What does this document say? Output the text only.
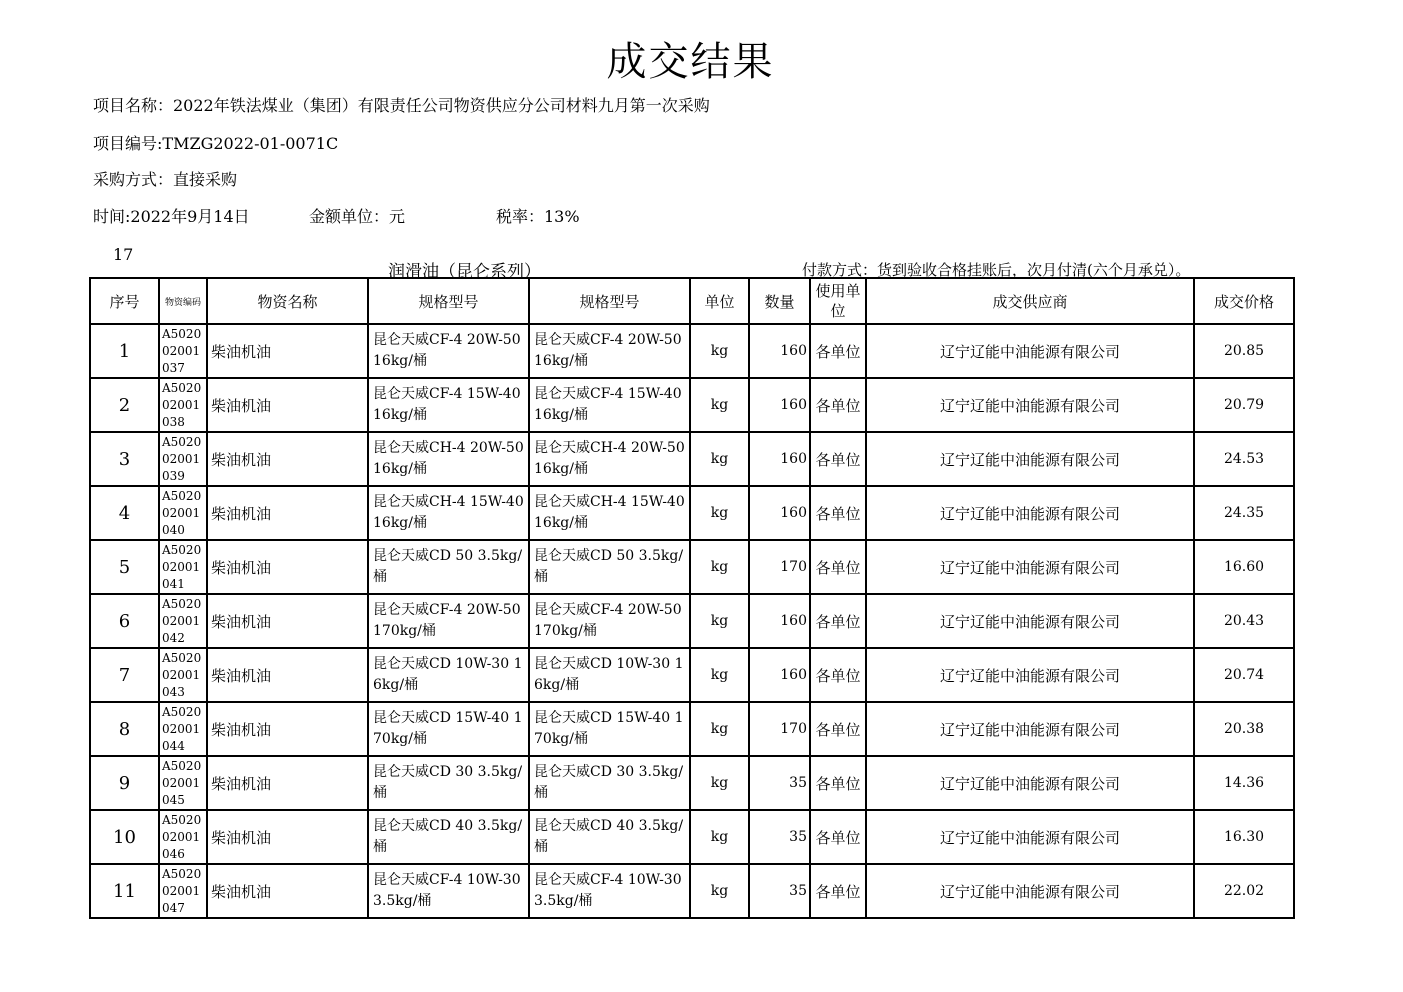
成交结果
项目名称：2022年铁法煤业（集团）有限责任公司物资供应分公司材料九月第一次采购
项目编号:TMZG2022-01-0071C
采购方式：直接采购
时间:2022年9月14日	金额单位：元	税率：13%
17
润滑油（昆仑系列）	付款方式：货到验收合格挂账后，次月付清(六个月承兑）。
序号	物资编码	物资名称	规格型号	规格型号	单位	数量	使用单位	成交供应商	成交价格
1	A502002001037	柴油机油	昆仑天威CF-4 20W-50 16kg/桶	昆仑天威CF-4 20W-50 16kg/桶	kg	160	各单位	辽宁辽能中油能源有限公司	20.85
2	A502002001038	柴油机油	昆仑天威CF-4 15W-40 16kg/桶	昆仑天威CF-4 15W-40 16kg/桶	kg	160	各单位	辽宁辽能中油能源有限公司	20.79
3	A502002001039	柴油机油	昆仑天威CH-4 20W-50 16kg/桶	昆仑天威CH-4 20W-50 16kg/桶	kg	160	各单位	辽宁辽能中油能源有限公司	24.53
4	A502002001040	柴油机油	昆仑天威CH-4 15W-40 16kg/桶	昆仑天威CH-4 15W-40 16kg/桶	kg	160	各单位	辽宁辽能中油能源有限公司	24.35
5	A502002001041	柴油机油	昆仑天威CD 50 3.5kg/桶	昆仑天威CD 50 3.5kg/桶	kg	170	各单位	辽宁辽能中油能源有限公司	16.60
6	A502002001042	柴油机油	昆仑天威CF-4 20W-50 170kg/桶	昆仑天威CF-4 20W-50 170kg/桶	kg	160	各单位	辽宁辽能中油能源有限公司	20.43
7	A502002001043	柴油机油	昆仑天威CD 10W-30 16kg/桶	昆仑天威CD 10W-30 16kg/桶	kg	160	各单位	辽宁辽能中油能源有限公司	20.74
8	A502002001044	柴油机油	昆仑天威CD 15W-40 170kg/桶	昆仑天威CD 15W-40 170kg/桶	kg	170	各单位	辽宁辽能中油能源有限公司	20.38
9	A502002001045	柴油机油	昆仑天威CD 30 3.5kg/桶	昆仑天威CD 30 3.5kg/桶	kg	35	各单位	辽宁辽能中油能源有限公司	14.36
10	A502002001046	柴油机油	昆仑天威CD 40 3.5kg/桶	昆仑天威CD 40 3.5kg/桶	kg	35	各单位	辽宁辽能中油能源有限公司	16.30
11	A502002001047	柴油机油	昆仑天威CF-4 10W-30 3.5kg/桶	昆仑天威CF-4 10W-30 3.5kg/桶	kg	35	各单位	辽宁辽能中油能源有限公司	22.02
